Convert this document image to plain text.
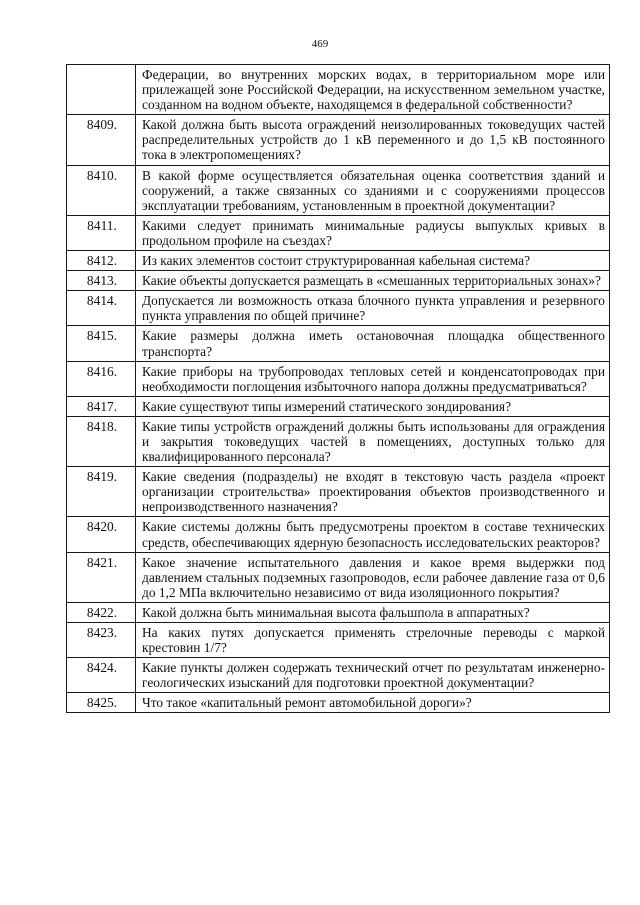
469
	Федерации, во внутренних морских водах, в территориальном море или прилежащей зоне Российской Федерации, на искусственном земельном участке, созданном на водном объекте, находящемся в федеральной собственности?
8409.	Какой должна быть высота ограждений неизолированных токоведущих частей распределительных устройств до 1 кВ переменного и до 1,5 кВ постоянного тока в электропомещениях?
8410.	В какой форме осуществляется обязательная оценка соответствия зданий и сооружений, а также связанных со зданиями и с сооружениями процессов эксплуатации требованиям, установленным в проектной документации?
8411.	Какими следует принимать минимальные радиусы выпуклых кривых в продольном профиле на съездах?
8412.	Из каких элементов состоит структурированная кабельная система?
8413.	Какие объекты допускается размещать в «смешанных территориальных зонах»?
8414.	Допускается ли возможность отказа блочного пункта управления и резервного пункта управления по общей причине?
8415.	Какие размеры должна иметь остановочная площадка общественного транспорта?
8416.	Какие приборы на трубопроводах тепловых сетей и конденсатопроводах при необходимости поглощения избыточного напора должны предусматриваться?
8417.	Какие существуют типы измерений статического зондирования?
8418.	Какие типы устройств ограждений должны быть использованы для ограждения и закрытия токоведущих частей в помещениях, доступных только для квалифицированного персонала?
8419.	Какие сведения (подразделы) не входят в текстовую часть раздела «проект организации строительства» проектирования объектов производственного и непроизводственного назначения?
8420.	Какие системы должны быть предусмотрены проектом в составе технических средств, обеспечивающих ядерную безопасность исследовательских реакторов?
8421.	Какое значение испытательного давления и какое время выдержки под давлением стальных подземных газопроводов, если рабочее давление газа от 0,6 до 1,2 МПа включительно независимо от вида изоляционного покрытия?
8422.	Какой должна быть минимальная высота фальшпола в аппаратных?
8423.	На каких путях допускается применять стрелочные переводы с маркой крестовин 1/7?
8424.	Какие пункты должен содержать технический отчет по результатам инженерно-геологических изысканий для подготовки проектной документации?
8425.	Что такое «капитальный ремонт автомобильной дороги»?
